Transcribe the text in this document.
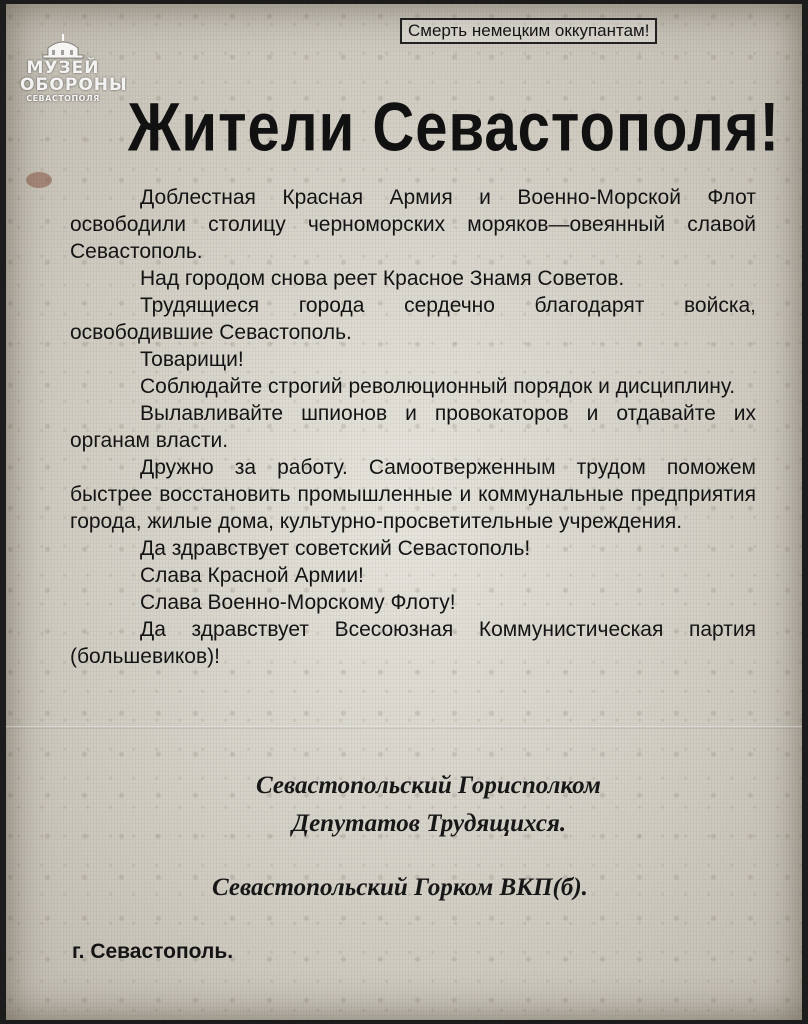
МУЗЕЙ
ОБОРОНЫ
СЕВАСТОПОЛЯ
Смерть немецким оккупантам!
Жители Севастополя!

Доблестная Красная Армия и Военно-Морской Флот освободили столицу черноморских моряков—овеянный славой Севастополь.

Над городом снова реет Красное Знамя Советов.

Трудящиеся города сердечно благодарят войска, освободившие Севастополь.

Товарищи!

Соблюдайте строгий революционный порядок и дисциплину.

Вылавливайте шпионов и провокаторов и отдавайте их органам власти.

Дружно за работу. Самоотверженным трудом поможем быстрее восстановить промышленные и коммунальные предприятия города, жилые дома, культурно-просветительные учреждения.

Да здравствует советский Севастополь!

Слава Красной Армии!

Слава Военно-Морскому Флоту!

Да здравствует Всесоюзная Коммунистическая партия (большевиков)!

Севастопольский Горисполком
Депутатов Трудящихся.
Севастопольский Горком ВКП(б).
г. Севастополь.
